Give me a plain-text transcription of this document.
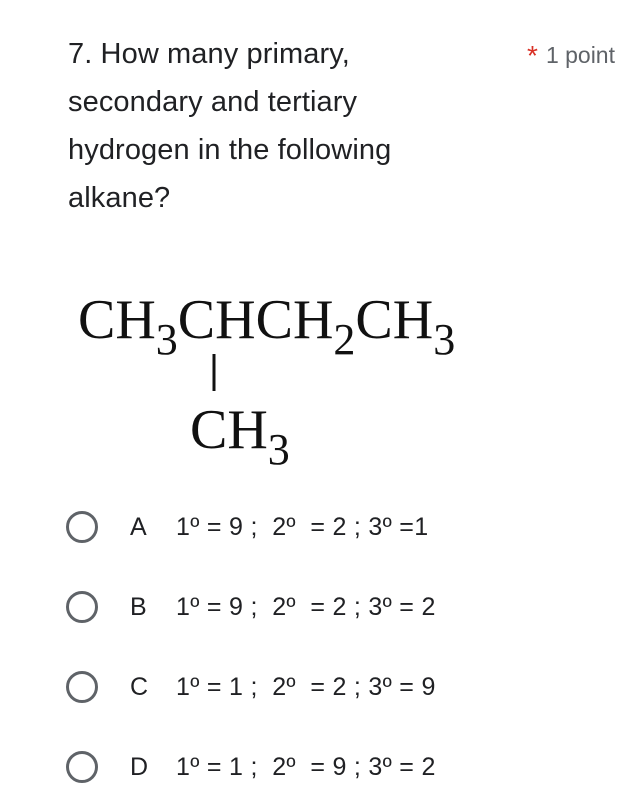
7. How many primary,
secondary and tertiary
hydrogen in the following
alkane?
* 1 point
$CH_3CHCH_2CH_3$
$CH_3$
A	1º = 9 ;  2º  = 2 ; 3º =1
B	1º = 9 ;  2º  = 2 ; 3º = 2
C	1º = 1 ;  2º  = 2 ; 3º = 9
D	1º = 1 ;  2º  = 9 ; 3º = 2
